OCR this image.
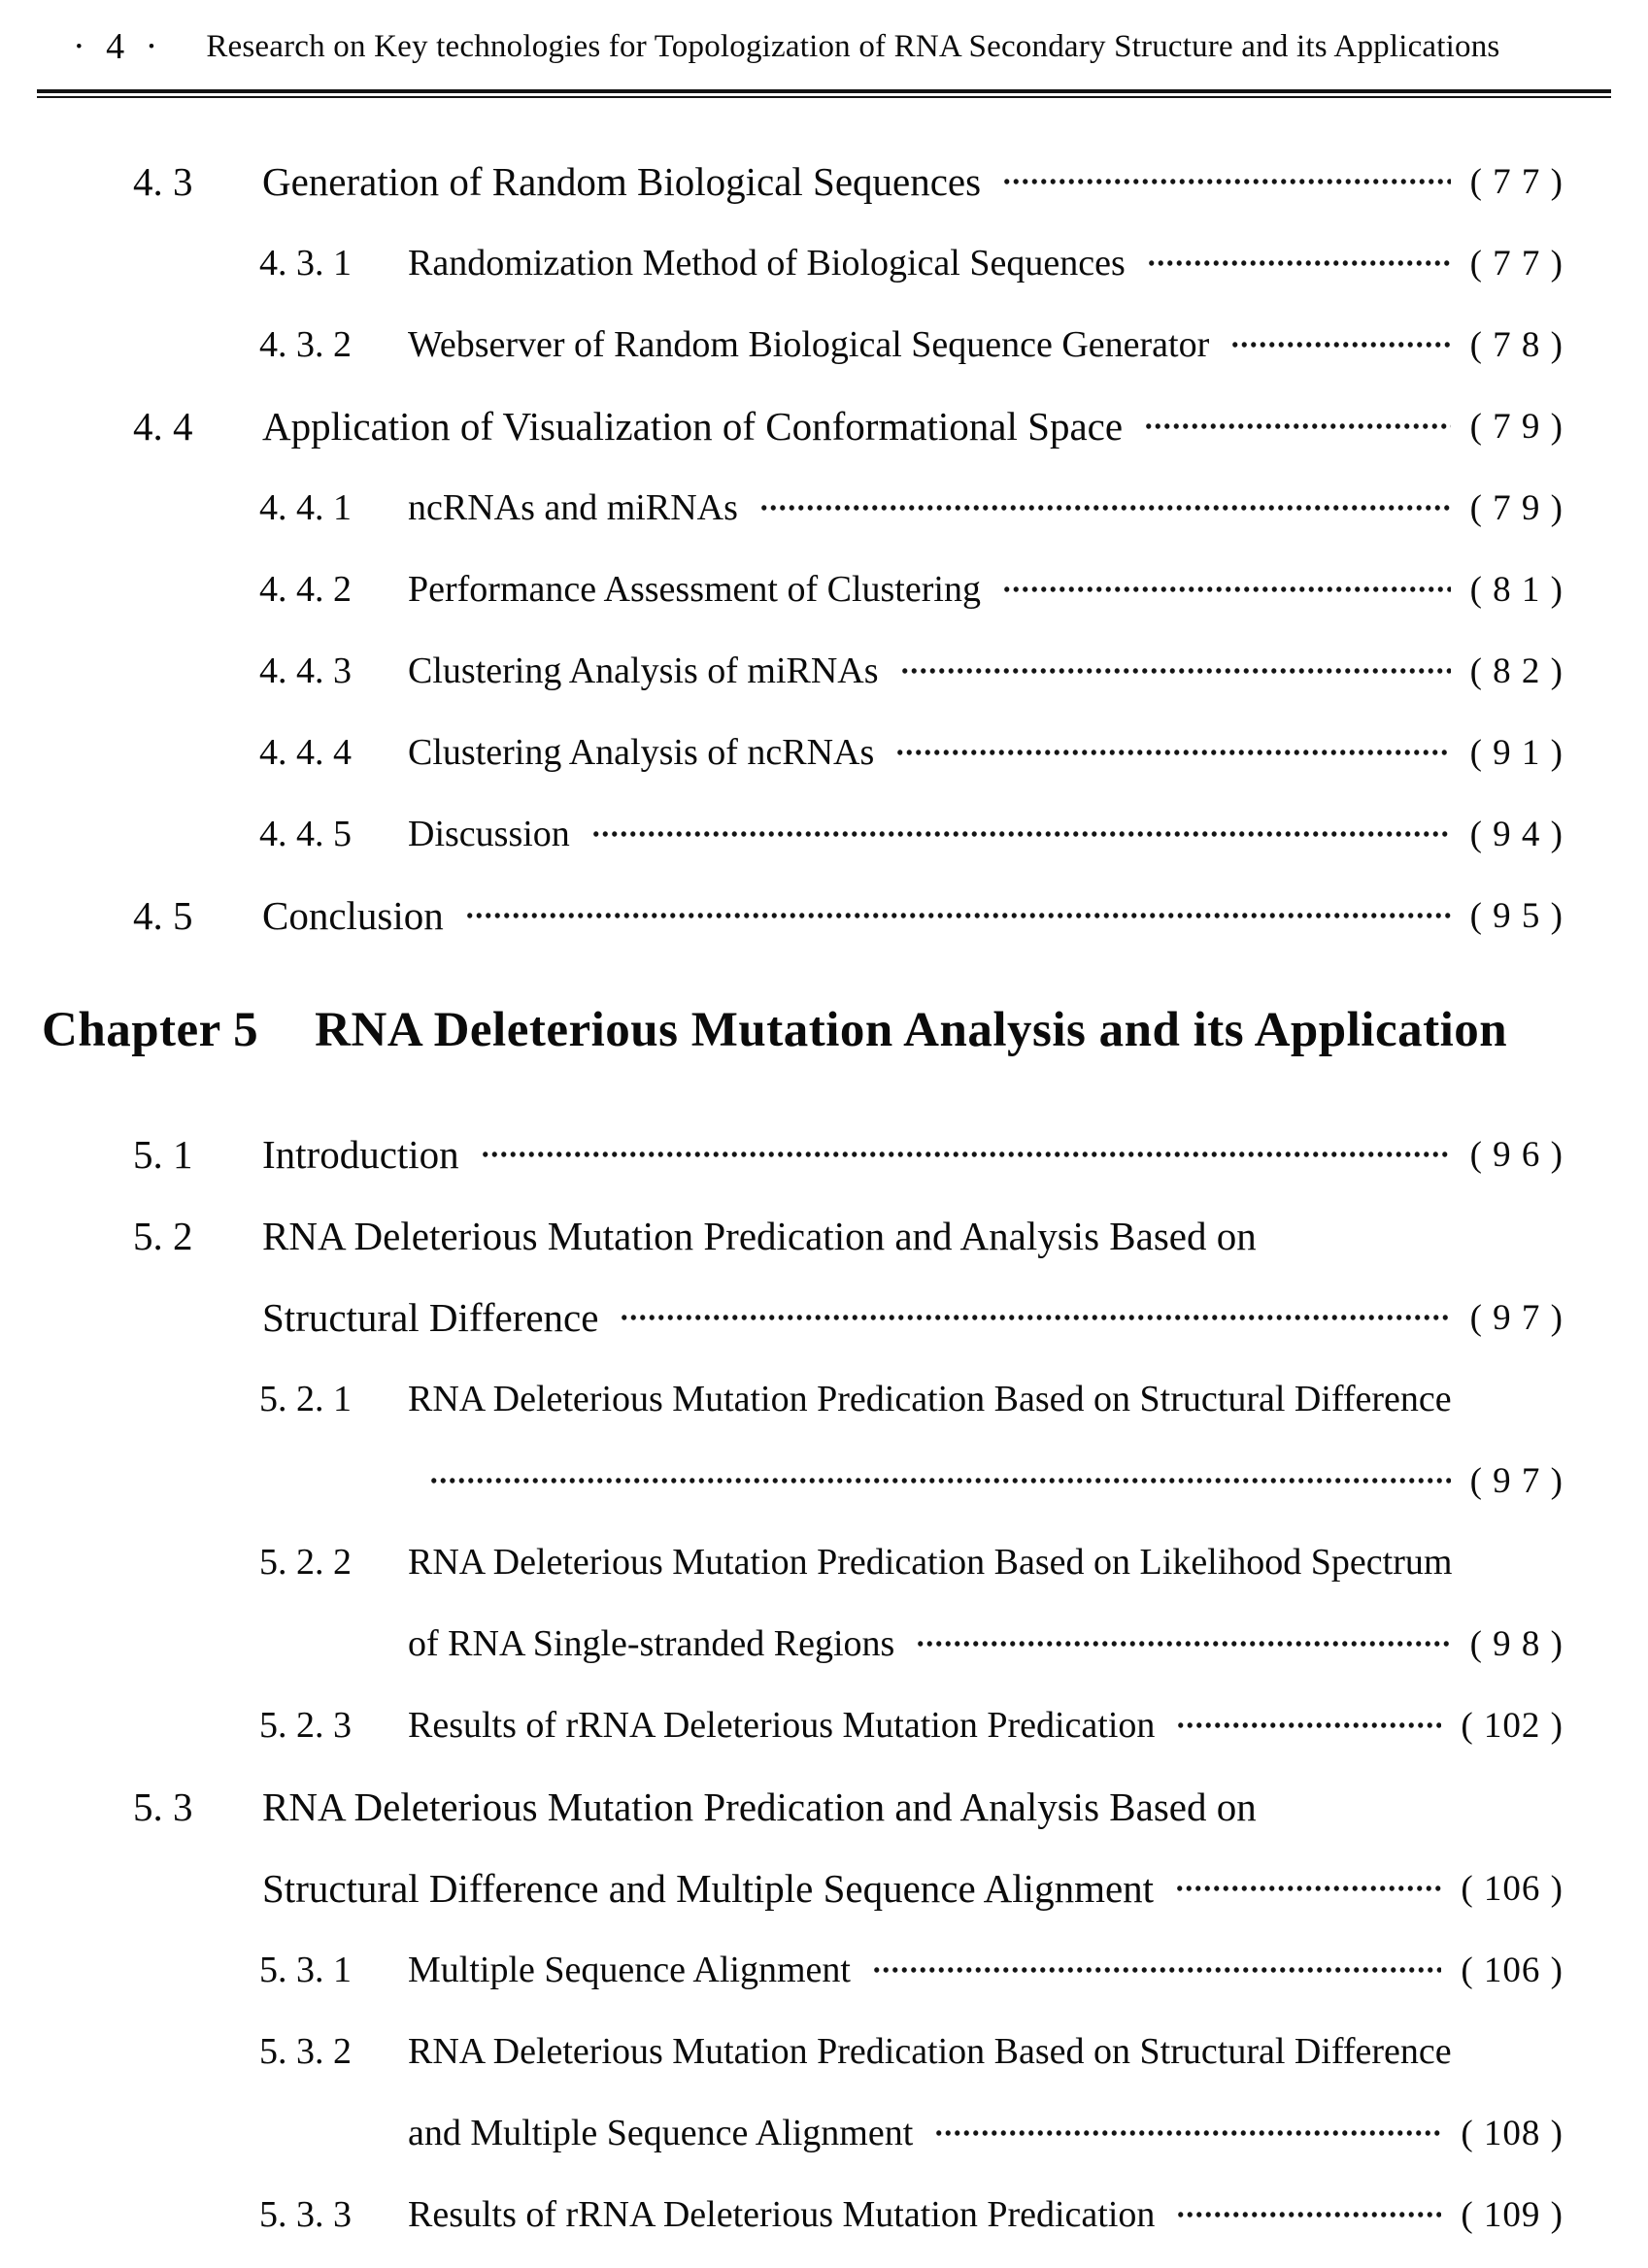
· 4 · Research on Key technologies for Topologization of RNA Secondary Structure and its Applications
4. 3	Generation of Random Biological Sequences	( 7 7 )
4. 3. 1	Randomization Method of Biological Sequences	( 7 7 )
4. 3. 2	Webserver of Random Biological Sequence Generator	( 7 8 )
4. 4	Application of Visualization of Conformational Space	( 7 9 )
4. 4. 1	ncRNAs and miRNAs	( 7 9 )
4. 4. 2	Performance Assessment of Clustering	( 8 1 )
4. 4. 3	Clustering Analysis of miRNAs	( 8 2 )
4. 4. 4	Clustering Analysis of ncRNAs	( 9 1 )
4. 4. 5	Discussion	( 9 4 )
4. 5	Conclusion	( 9 5 )
Chapter 5 RNA Deleterious Mutation Analysis and its Application
5. 1	Introduction	( 9 6 )
5. 2	RNA Deleterious Mutation Predication and Analysis Based on
Structural Difference	( 9 7 )
5. 2. 1	RNA Deleterious Mutation Predication Based on Structural Difference
( 9 7 )
5. 2. 2	RNA Deleterious Mutation Predication Based on Likelihood Spectrum
of RNA Single-stranded Regions	( 9 8 )
5. 2. 3	Results of rRNA Deleterious Mutation Predication	( 102 )
5. 3	RNA Deleterious Mutation Predication and Analysis Based on
Structural Difference and Multiple Sequence Alignment	( 106 )
5. 3. 1	Multiple Sequence Alignment	( 106 )
5. 3. 2	RNA Deleterious Mutation Predication Based on Structural Difference
and Multiple Sequence Alignment	( 108 )
5. 3. 3	Results of rRNA Deleterious Mutation Predication	( 109 )
